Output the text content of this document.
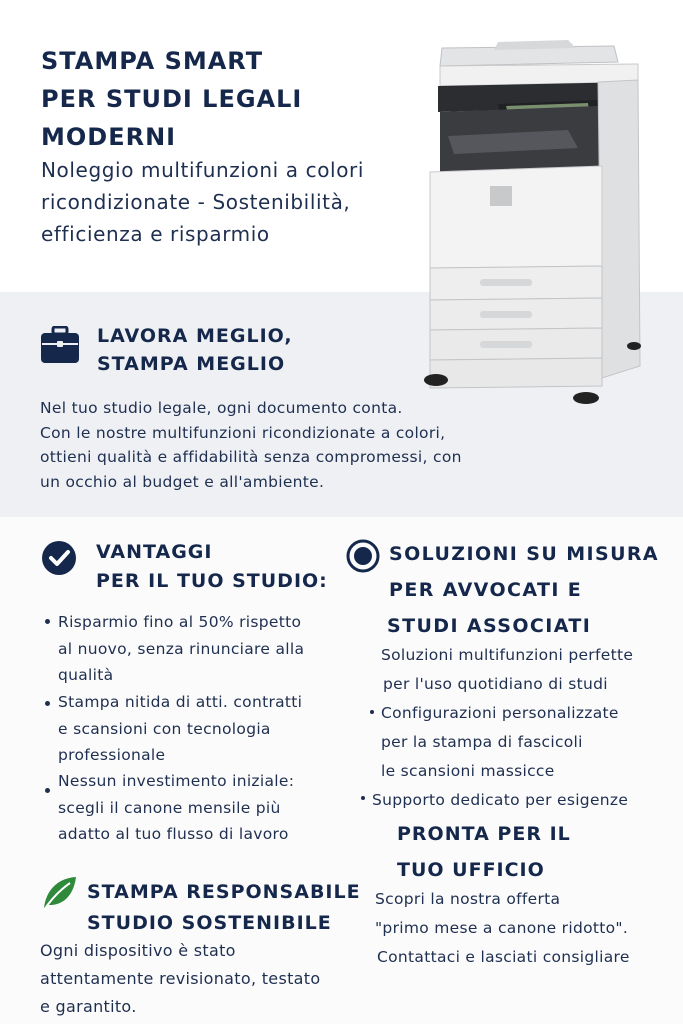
STAMPA SMART
PER STUDI LEGALI
MODERNI
Noleggio multifunzioni a colori
ricondizionate - Sostenibilità,
efficienza e risparmio
LAVORA MEGLIO,
STAMPA MEGLIO
Nel tuo studio legale, ogni documento conta.
Con le nostre multifunzioni ricondizionate a colori,
ottieni qualità e affidabilità senza compromessi, con
un occhio al budget e all'ambiente.
VANTAGGI
PER IL TUO STUDIO:
Risparmio fino al 50% rispetto
al nuovo, senza rinunciare alla
qualità
Stampa nitida di atti. contratti
e scansioni con tecnologia
professionale
Nessun investimento iniziale:
scegli il canone mensile più
adatto al tuo flusso di lavoro
SOLUZIONI SU MISURA
PER AVVOCATI E
STUDI ASSOCIATI
Soluzioni multifunzioni perfette
per l'uso quotidiano di studi
Configurazioni personalizzate
per la stampa di fascicoli
le scansioni massicce
Supporto dedicato per esigenze
PRONTA PER IL
TUO UFFICIO
Scopri la nostra offerta
"primo mese a canone ridotto".
Contattaci e lasciati consigliare
STAMPA RESPONSABILE
STUDIO SOSTENIBILE
Ogni dispositivo è stato
attentamente revisionato, testato
e garantito.
